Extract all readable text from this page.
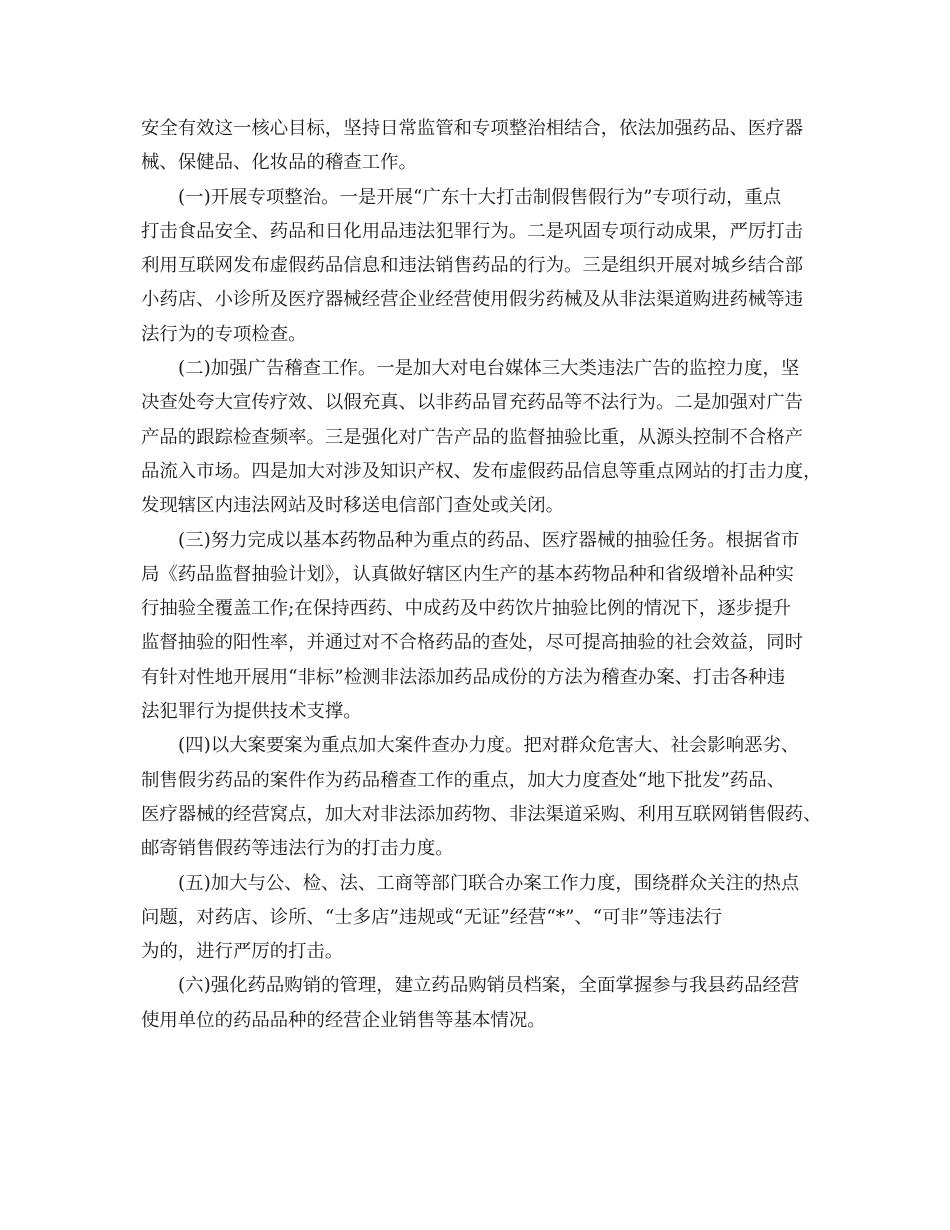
安全有效这一核心目标，坚持日常监管和专项整治相结合，依法加强药品、医疗器
械、保健品、化妆品的稽查工作。

(一)开展专项整治。一是开展“广东十大打击制假售假行为”专项行动，重点
打击食品安全、药品和日化用品违法犯罪行为。二是巩固专项行动成果，严厉打击
利用互联网发布虚假药品信息和违法销售药品的行为。三是组织开展对城乡结合部
小药店、小诊所及医疗器械经营企业经营使用假劣药械及从非法渠道购进药械等违
法行为的专项检查。

(二)加强广告稽查工作。一是加大对电台媒体三大类违法广告的监控力度，坚
决查处夸大宣传疗效、以假充真、以非药品冒充药品等不法行为。二是加强对广告
产品的跟踪检查频率。三是强化对广告产品的监督抽验比重，从源头控制不合格产
品流入市场。四是加大对涉及知识产权、发布虚假药品信息等重点网站的打击力度，
发现辖区内违法网站及时移送电信部门查处或关闭。

(三)努力完成以基本药物品种为重点的药品、医疗器械的抽验任务。根据省市
局《药品监督抽验计划》，认真做好辖区内生产的基本药物品种和省级增补品种实
行抽验全覆盖工作;在保持西药、中成药及中药饮片抽验比例的情况下，逐步提升
监督抽验的阳性率，并通过对不合格药品的查处，尽可提高抽验的社会效益，同时
有针对性地开展用“非标”检测非法添加药品成份的方法为稽查办案、打击各种违
法犯罪行为提供技术支撑。

(四)以大案要案为重点加大案件查办力度。把对群众危害大、社会影响恶劣、
制售假劣药品的案件作为药品稽查工作的重点，加大力度查处“地下批发”药品、
医疗器械的经营窝点，加大对非法添加药物、非法渠道采购、利用互联网销售假药、
邮寄销售假药等违法行为的打击力度。

(五)加大与公、检、法、工商等部门联合办案工作力度，围绕群众关注的热点
问题，对药店、诊所、“士多店”违规或“无证”经营“*”、“可非”等违法行
为的，进行严厉的打击。

(六)强化药品购销的管理，建立药品购销员档案，全面掌握参与我县药品经营
使用单位的药品品种的经营企业销售等基本情况。
